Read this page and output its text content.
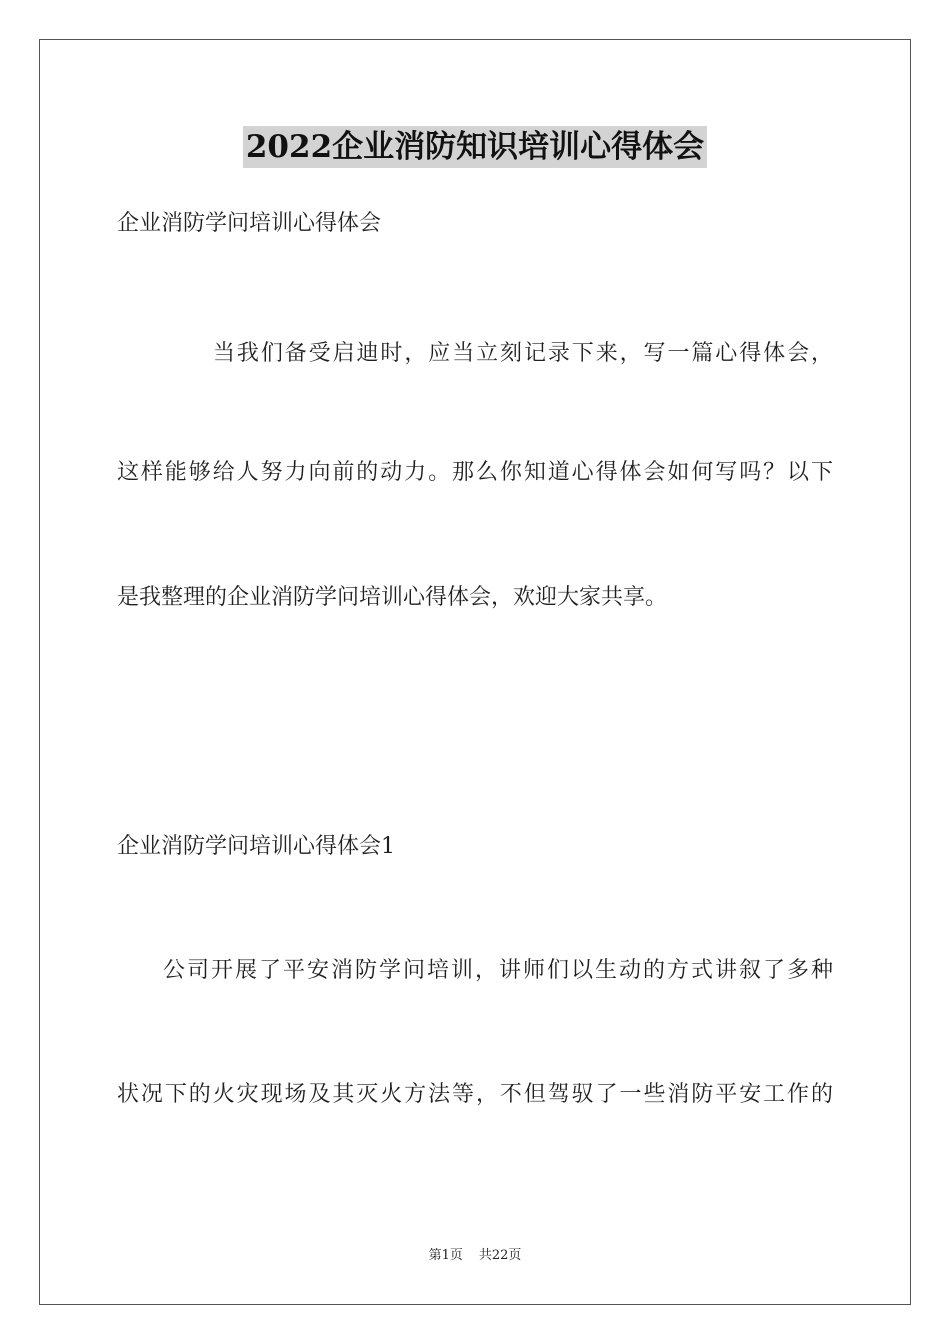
2022企业消防知识培训心得体会
企业消防学问培训心得体会
当我们备受启迪时，应当立刻记录下来，写一篇心得体会，
这样能够给人努力向前的动力。那么你知道心得体会如何写吗？以下
是我整理的企业消防学问培训心得体会，欢迎大家共享。
企业消防学问培训心得体会1
公司开展了平安消防学问培训，讲师们以生动的方式讲叙了多种
状况下的火灾现场及其灭火方法等，不但驾驭了一些消防平安工作的
第1页 共22页
